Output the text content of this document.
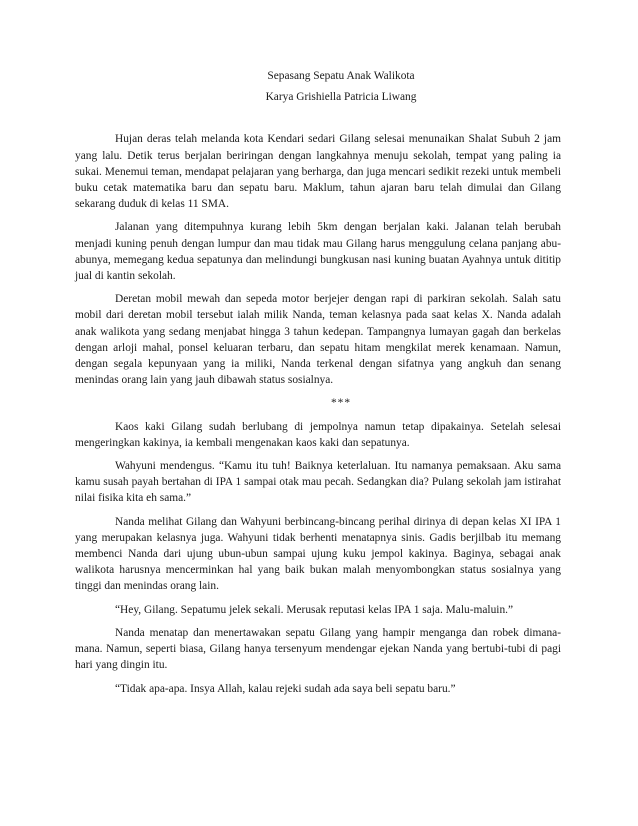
Sepasang Sepatu Anak Walikota

Karya Grishiella Patricia Liwang

Hujan deras telah melanda kota Kendari sedari Gilang selesai menunaikan Shalat Subuh 2 jam yang lalu. Detik terus berjalan beriringan dengan langkahnya menuju sekolah, tempat yang paling ia sukai. Menemui teman, mendapat pelajaran yang berharga, dan juga mencari sedikit rezeki untuk membeli buku cetak matematika baru dan sepatu baru. Maklum, tahun ajaran baru telah dimulai dan Gilang sekarang duduk di kelas 11 SMA.

Jalanan yang ditempuhnya kurang lebih 5km dengan berjalan kaki. Jalanan telah berubah menjadi kuning penuh dengan lumpur dan mau tidak mau Gilang harus menggulung celana panjang abu-abunya, memegang kedua sepatunya dan melindungi bungkusan nasi kuning buatan Ayahnya untuk dititip jual di kantin sekolah.

Deretan mobil mewah dan sepeda motor berjejer dengan rapi di parkiran sekolah. Salah satu mobil dari deretan mobil tersebut ialah milik Nanda, teman kelasnya pada saat kelas X. Nanda adalah anak walikota yang sedang menjabat hingga 3 tahun kedepan. Tampangnya lumayan gagah dan berkelas dengan arloji mahal, ponsel keluaran terbaru, dan sepatu hitam mengkilat merek kenamaan. Namun, dengan segala kepunyaan yang ia miliki, Nanda terkenal dengan sifatnya yang angkuh dan senang menindas orang lain yang jauh dibawah status sosialnya.

***

Kaos kaki Gilang sudah berlubang di jempolnya namun tetap dipakainya. Setelah selesai mengeringkan kakinya, ia kembali mengenakan kaos kaki dan sepatunya.

Wahyuni mendengus. “Kamu itu tuh! Baiknya keterlaluan. Itu namanya pemaksaan. Aku sama kamu susah payah bertahan di IPA 1 sampai otak mau pecah. Sedangkan dia? Pulang sekolah jam istirahat nilai fisika kita eh sama.”

Nanda melihat Gilang dan Wahyuni berbincang-bincang perihal dirinya di depan kelas XI IPA 1 yang merupakan kelasnya juga. Wahyuni tidak berhenti menatapnya sinis. Gadis berjilbab itu memang membenci Nanda dari ujung ubun-ubun sampai ujung kuku jempol kakinya. Baginya, sebagai anak walikota harusnya mencerminkan hal yang baik bukan malah menyombongkan status sosialnya yang tinggi dan menindas orang lain.

“Hey, Gilang. Sepatumu jelek sekali. Merusak reputasi kelas IPA 1 saja. Malu-maluin.”

Nanda menatap dan menertawakan sepatu Gilang yang hampir menganga dan robek dimana-mana. Namun, seperti biasa, Gilang hanya tersenyum mendengar ejekan Nanda yang bertubi-tubi di pagi hari yang dingin itu.

“Tidak apa-apa. Insya Allah, kalau rejeki sudah ada saya beli sepatu baru.”
